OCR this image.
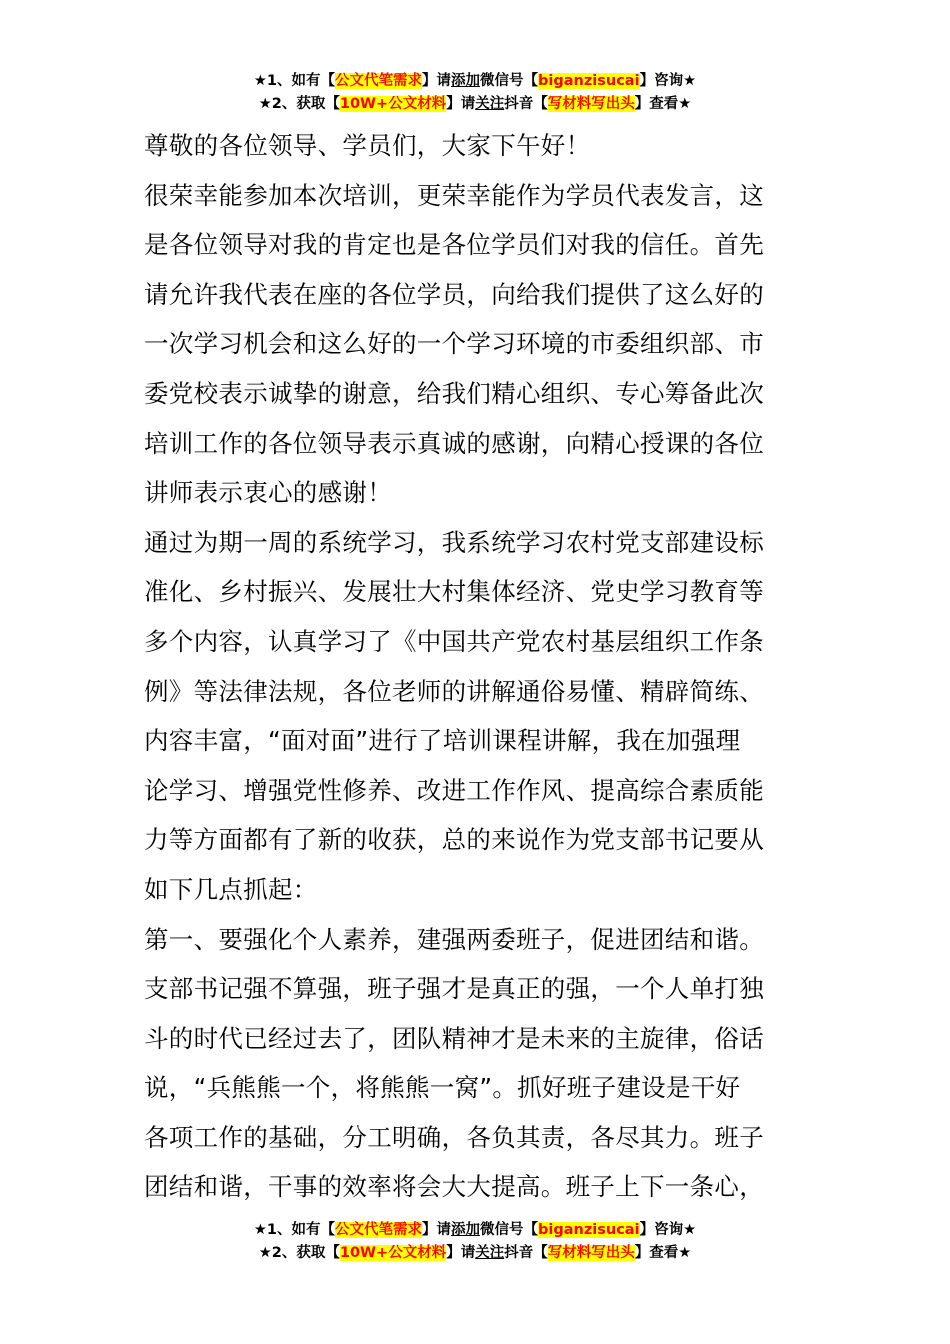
★1、如有【公文代笔需求】请添加微信号【biganzisucai】咨询★
★2、获取【10W+公文材料】请关注抖音【写材料写出头】查看★
尊敬的各位领导、学员们，大家下午好！
很荣幸能参加本次培训，更荣幸能作为学员代表发言，这
是各位领导对我的肯定也是各位学员们对我的信任。首先
请允许我代表在座的各位学员，向给我们提供了这么好的
一次学习机会和这么好的一个学习环境的市委组织部、市
委党校表示诚挚的谢意，给我们精心组织、专心筹备此次
培训工作的各位领导表示真诚的感谢，向精心授课的各位
讲师表示衷心的感谢！
通过为期一周的系统学习，我系统学习农村党支部建设标
准化、乡村振兴、发展壮大村集体经济、党史学习教育等
多个内容，认真学习了《中国共产党农村基层组织工作条
例》等法律法规，各位老师的讲解通俗易懂、精辟简练、
内容丰富，“面对面”进行了培训课程讲解，我在加强理
论学习、增强党性修养、改进工作作风、提高综合素质能
力等方面都有了新的收获，总的来说作为党支部书记要从
如下几点抓起：
第一、要强化个人素养，建强两委班子，促进团结和谐。
支部书记强不算强，班子强才是真正的强，一个人单打独
斗的时代已经过去了，团队精神才是未来的主旋律，俗话
说，“兵熊熊一个，将熊熊一窝”。抓好班子建设是干好
各项工作的基础，分工明确，各负其责，各尽其力。班子
团结和谐，干事的效率将会大大提高。班子上下一条心，
★1、如有【公文代笔需求】请添加微信号【biganzisucai】咨询★
★2、获取【10W+公文材料】请关注抖音【写材料写出头】查看★
